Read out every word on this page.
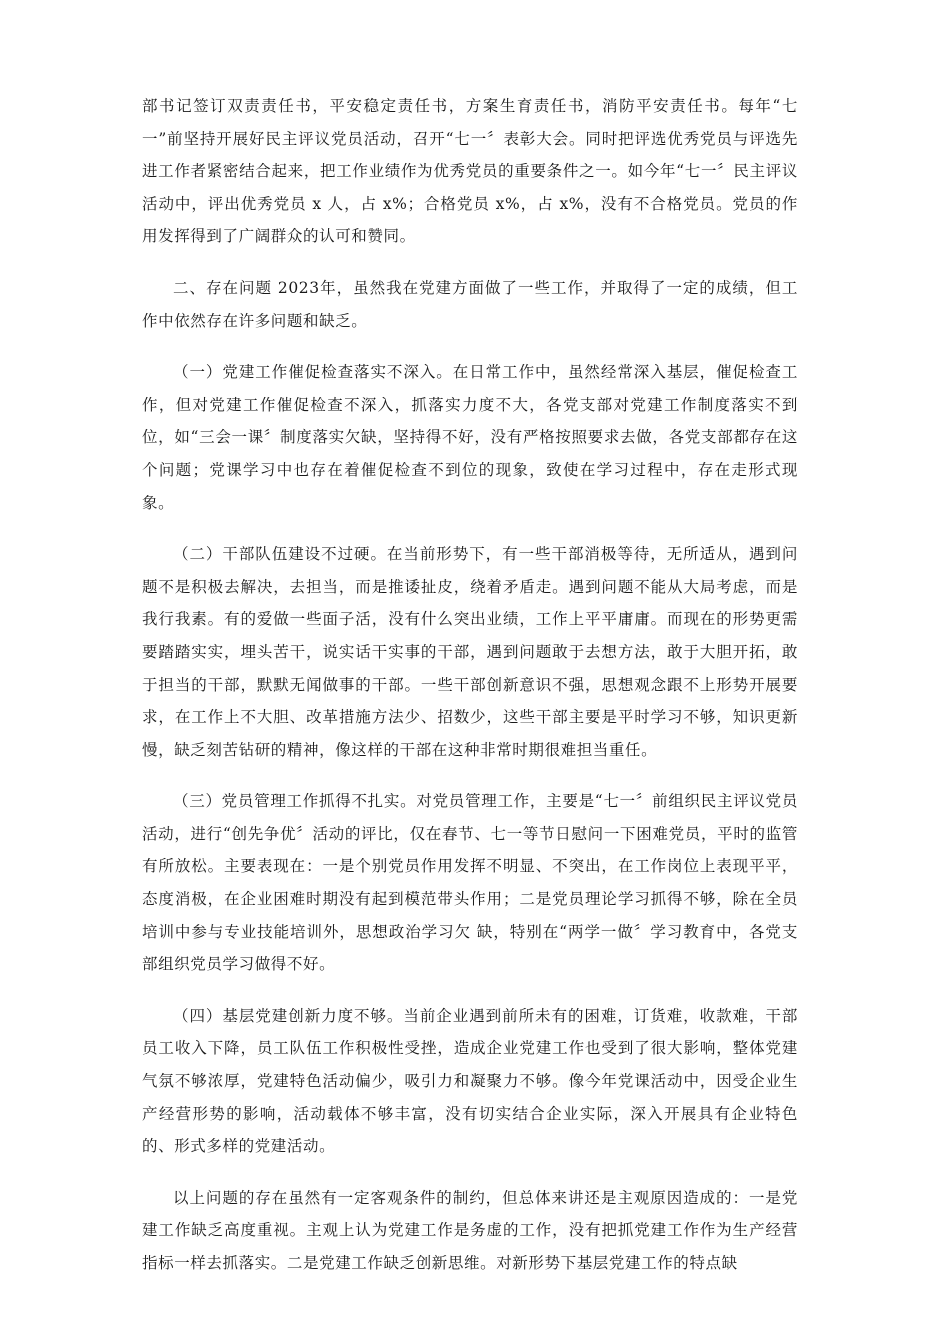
部书记签订双责责任书，平安稳定责任书，方案生育责任书，消防平安责任书。每年“七一”前坚持开展好民主评议党员活动，召开“七一〞表彰大会。同时把评选优秀党员与评选先进工作者紧密结合起来，把工作业绩作为优秀党员的重要条件之一。如今年“七一〞民主评议活动中，评出优秀党员 x 人，占 x%；合格党员 x%，占 x%，没有不合格党员。党员的作用发挥得到了广阔群众的认可和赞同。

二、存在问题 2023年，虽然我在党建方面做了一些工作，并取得了一定的成绩，但工作中依然存在许多问题和缺乏。

（一）党建工作催促检查落实不深入。在日常工作中，虽然经常深入基层，催促检查工作，但对党建工作催促检查不深入，抓落实力度不大，各党支部对党建工作制度落实不到位，如“三会一课〞制度落实欠缺，坚持得不好，没有严格按照要求去做，各党支部都存在这个问题；党课学习中也存在着催促检查不到位的现象，致使在学习过程中，存在走形式现象。

（二）干部队伍建设不过硬。在当前形势下，有一些干部消极等待，无所适从，遇到问题不是积极去解决，去担当，而是推诿扯皮，绕着矛盾走。遇到问题不能从大局考虑，而是我行我素。有的爱做一些面子活，没有什么突出业绩，工作上平平庸庸。而现在的形势更需要踏踏实实，埋头苦干，说实话干实事的干部，遇到问题敢于去想方法，敢于大胆开拓，敢于担当的干部，默默无闻做事的干部。一些干部创新意识不强，思想观念跟不上形势开展要求，在工作上不大胆、改革措施方法少、招数少，这些干部主要是平时学习不够，知识更新慢，缺乏刻苦钻研的精神，像这样的干部在这种非常时期很难担当重任。

（三）党员管理工作抓得不扎实。对党员管理工作，主要是“七一〞前组织民主评议党员活动，进行“创先争优〞活动的评比，仅在春节、七一等节日慰问一下困难党员，平时的监管有所放松。主要表现在：一是个别党员作用发挥不明显、不突出，在工作岗位上表现平平，态度消极，在企业困难时期没有起到模范带头作用；二是党员理论学习抓得不够，除在全员培训中参与专业技能培训外，思想政治学习欠 缺，特别在“两学一做〞学习教育中，各党支部组织党员学习做得不好。

（四）基层党建创新力度不够。当前企业遇到前所未有的困难，订货难，收款难，干部员工收入下降，员工队伍工作积极性受挫，造成企业党建工作也受到了很大影响，整体党建气氛不够浓厚，党建特色活动偏少，吸引力和凝聚力不够。像今年党课活动中，因受企业生产经营形势的影响，活动载体不够丰富，没有切实结合企业实际，深入开展具有企业特色的、形式多样的党建活动。

以上问题的存在虽然有一定客观条件的制约，但总体来讲还是主观原因造成的：一是党建工作缺乏高度重视。主观上认为党建工作是务虚的工作，没有把抓党建工作作为生产经营指标一样去抓落实。二是党建工作缺乏创新思维。对新形势下基层党建工作的特点缺
